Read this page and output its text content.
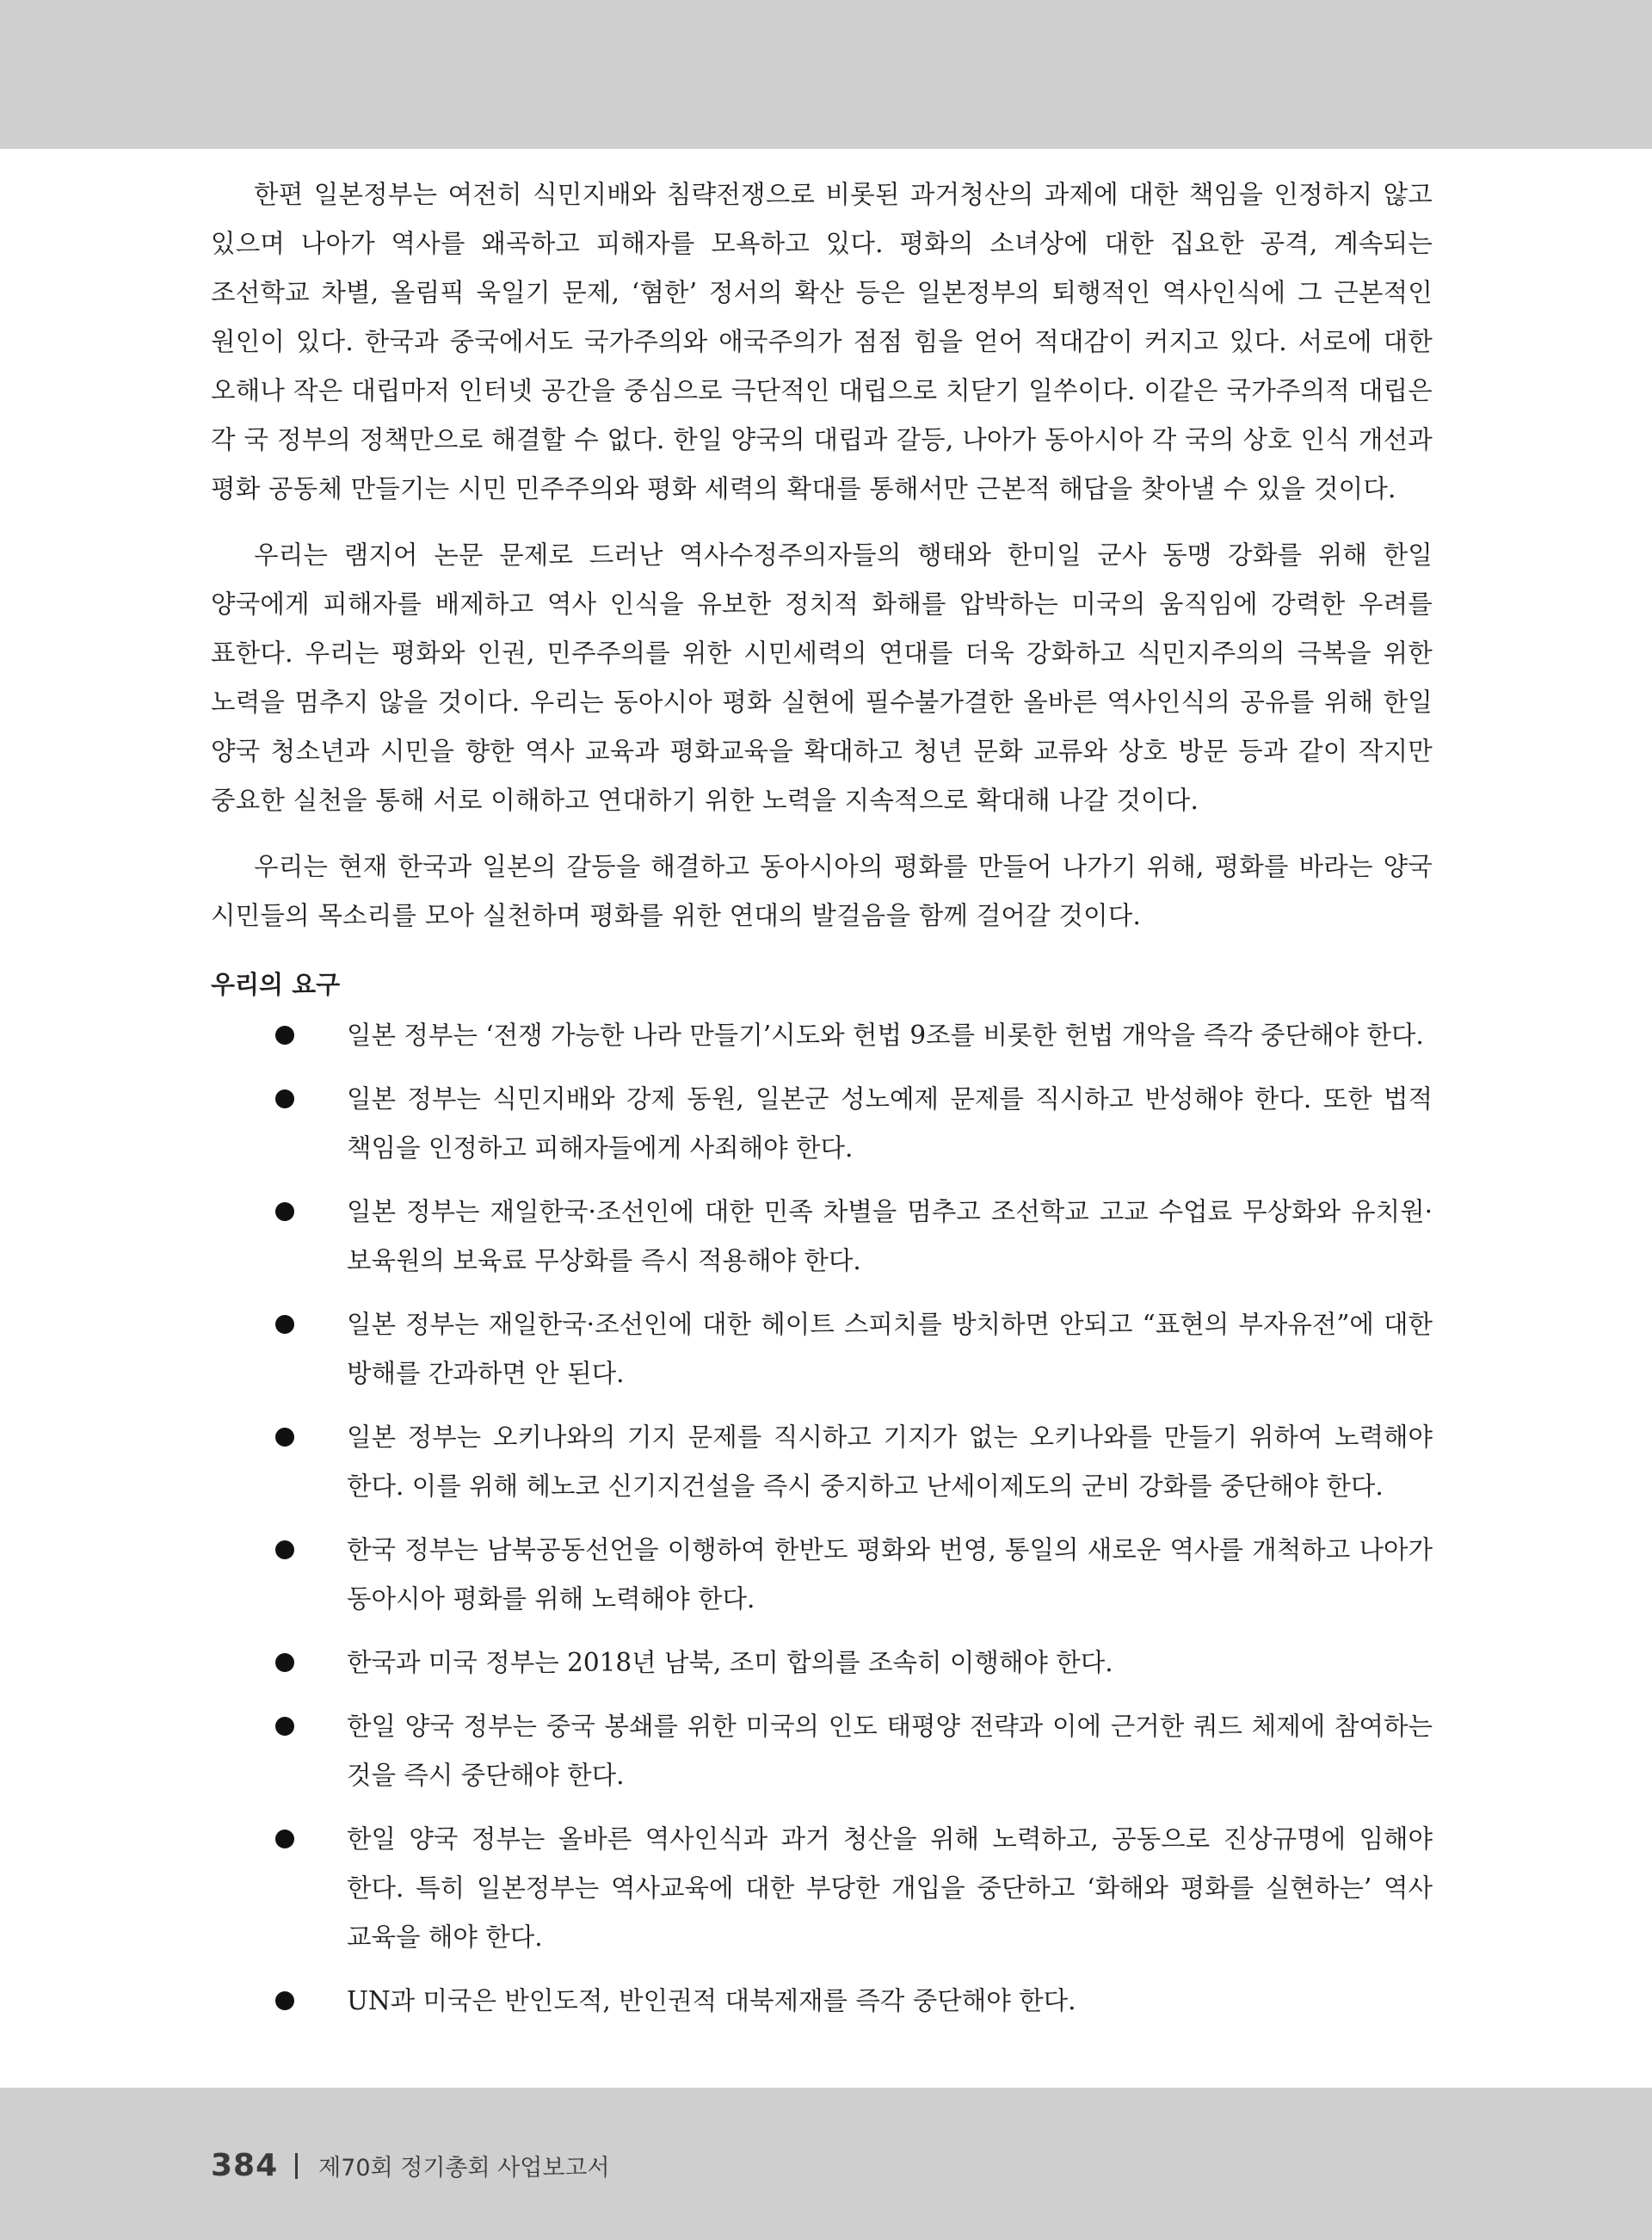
한편 일본정부는 여전히 식민지배와 침략전쟁으로 비롯된 과거청산의 과제에 대한 책임을 인정하지 않고 있으며 나아가 역사를 왜곡하고 피해자를 모욕하고 있다. 평화의 소녀상에 대한 집요한 공격, 계속되는 조선학교 차별, 올림픽 욱일기 문제, ‘혐한’ 정서의 확산 등은 일본정부의 퇴행적인 역사인식에 그 근본적인 원인이 있다. 한국과 중국에서도 국가주의와 애국주의가 점점 힘을 얻어 적대감이 커지고 있다. 서로에 대한 오해나 작은 대립마저 인터넷 공간을 중심으로 극단적인 대립으로 치닫기 일쑤이다. 이같은 국가주의적 대립은 각 국 정부의 정책만으로 해결할 수 없다. 한일 양국의 대립과 갈등, 나아가 동아시아 각 국의 상호 인식 개선과 평화 공동체 만들기는 시민 민주주의와 평화 세력의 확대를 통해서만 근본적 해답을 찾아낼 수 있을 것이다.

우리는 램지어 논문 문제로 드러난 역사수정주의자들의 행태와 한미일 군사 동맹 강화를 위해 한일 양국에게 피해자를 배제하고 역사 인식을 유보한 정치적 화해를 압박하는 미국의 움직임에 강력한 우려를 표한다. 우리는 평화와 인권, 민주주의를 위한 시민세력의 연대를 더욱 강화하고 식민지주의의 극복을 위한 노력을 멈추지 않을 것이다. 우리는 동아시아 평화 실현에 필수불가결한 올바른 역사인식의 공유를 위해 한일 양국 청소년과 시민을 향한 역사 교육과 평화교육을 확대하고 청년 문화 교류와 상호 방문 등과 같이 작지만 중요한 실천을 통해 서로 이해하고 연대하기 위한 노력을 지속적으로 확대해 나갈 것이다.

우리는 현재 한국과 일본의 갈등을 해결하고 동아시아의 평화를 만들어 나가기 위해, 평화를 바라는 양국 시민들의 목소리를 모아 실천하며 평화를 위한 연대의 발걸음을 함께 걸어갈 것이다.

우리의 요구
일본 정부는 ‘전쟁 가능한 나라 만들기’시도와 헌법 9조를 비롯한 헌법 개악을 즉각 중단해야 한다.
일본 정부는 식민지배와 강제 동원, 일본군 성노예제 문제를 직시하고 반성해야 한다. 또한 법적 책임을 인정하고 피해자들에게 사죄해야 한다.
일본 정부는 재일한국·조선인에 대한 민족 차별을 멈추고 조선학교 고교 수업료 무상화와 유치원·보육원의 보육료 무상화를 즉시 적용해야 한다.
일본 정부는 재일한국·조선인에 대한 헤이트 스피치를 방치하면 안되고 “표현의 부자유전”에 대한 방해를 간과하면 안 된다.
일본 정부는 오키나와의 기지 문제를 직시하고 기지가 없는 오키나와를 만들기 위하여 노력해야 한다. 이를 위해 헤노코 신기지건설을 즉시 중지하고 난세이제도의 군비 강화를 중단해야 한다.
한국 정부는 남북공동선언을 이행하여 한반도 평화와 번영, 통일의 새로운 역사를 개척하고 나아가 동아시아 평화를 위해 노력해야 한다.
한국과 미국 정부는 2018년 남북, 조미 합의를 조속히 이행해야 한다.
한일 양국 정부는 중국 봉쇄를 위한 미국의 인도 태평양 전략과 이에 근거한 쿼드 체제에 참여하는 것을 즉시 중단해야 한다.
한일 양국 정부는 올바른 역사인식과 과거 청산을 위해 노력하고, 공동으로 진상규명에 임해야 한다. 특히 일본정부는 역사교육에 대한 부당한 개입을 중단하고 ‘화해와 평화를 실현하는’ 역사 교육을 해야 한다.
UN과 미국은 반인도적, 반인권적 대북제재를 즉각 중단해야 한다.
384 제70회 정기총회 사업보고서
